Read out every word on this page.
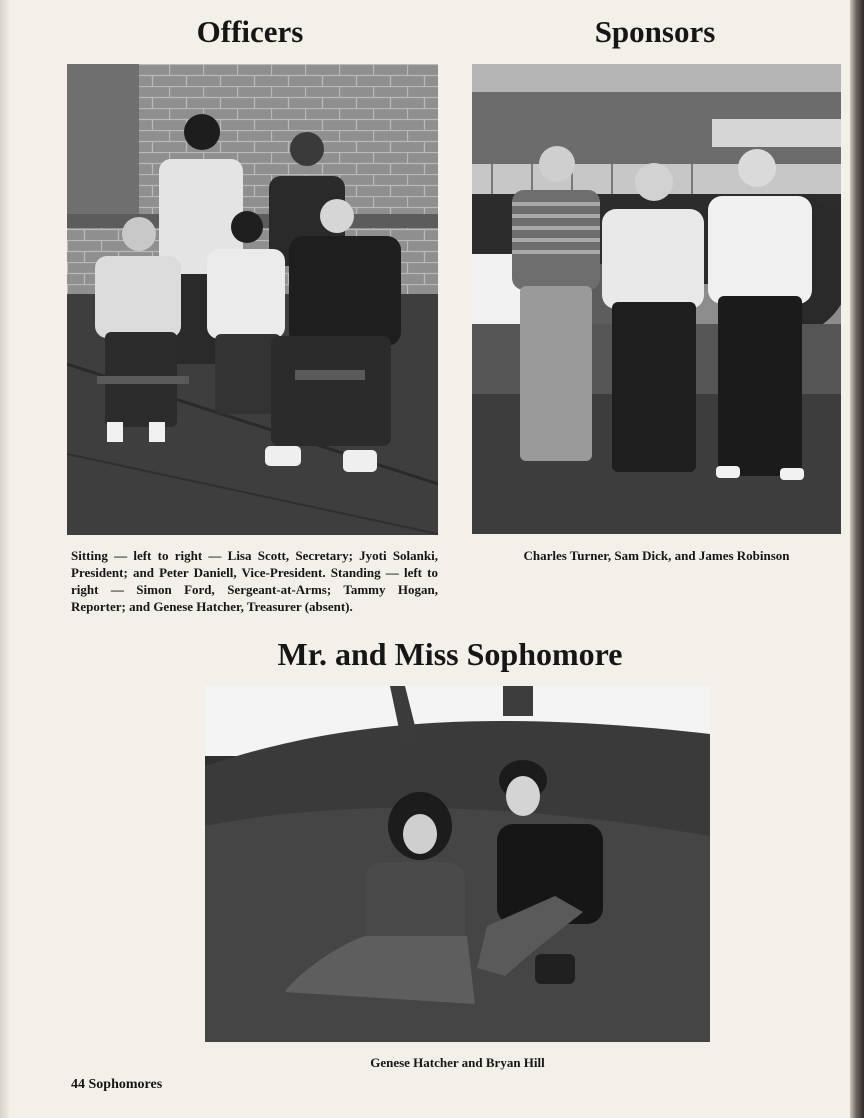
Officers	Sponsors

Sitting — left to right — Lisa Scott, Secretary; Jyoti Solanki, President; and Peter Daniell, Vice-President. Standing — left to right — Simon Ford, Sergeant-at-Arms; Tammy Hogan, Reporter; and Genese Hatcher, Treasurer (absent).

Charles Turner, Sam Dick, and James Robinson

Mr. and Miss Sophomore

Genese Hatcher and Bryan Hill

44 Sophomores
